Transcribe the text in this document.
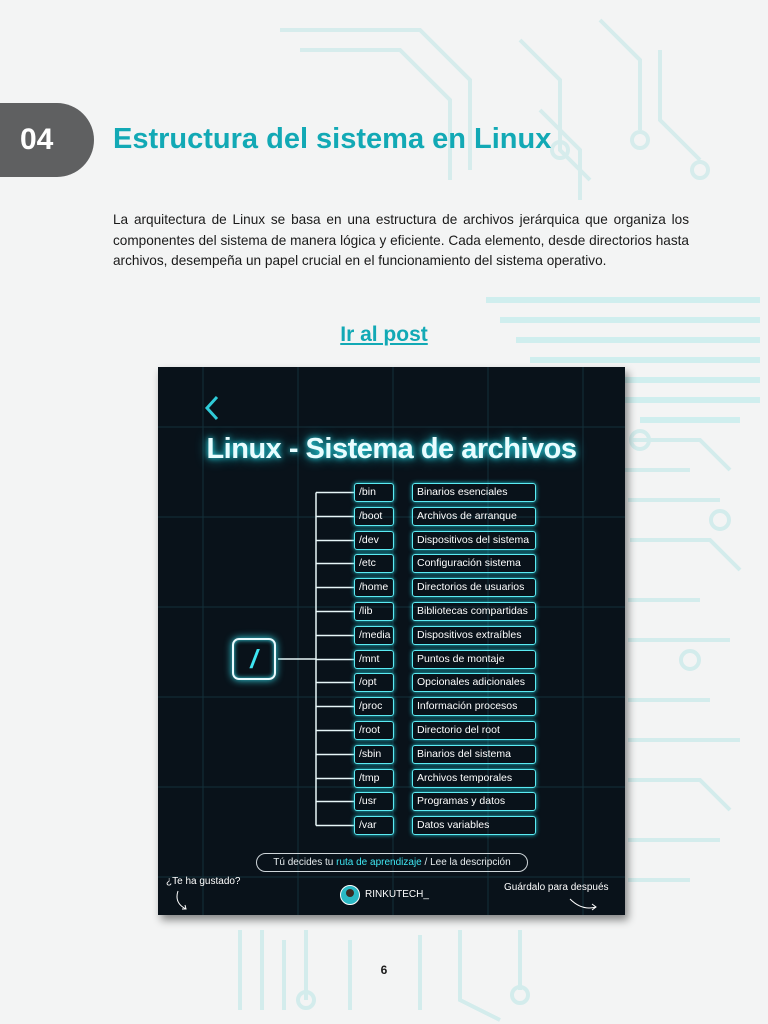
04 Estructura del sistema en Linux

La arquitectura de Linux se basa en una estructura de archivos jerárquica que organiza los componentes del sistema de manera lógica y eficiente. Cada elemento, desde directorios hasta archivos, desempeña un papel crucial en el funcionamiento del sistema operativo.

Ir al post
Linux - Sistema de archivos
/
/bin	Binarios esenciales
/boot	Archivos de arranque
/dev	Dispositivos del sistema
/etc	Configuración sistema
/home	Directorios de usuarios
/lib	Bibliotecas compartidas
/media	Dispositivos extraíbles
/mnt	Puntos de montaje
/opt	Opcionales adicionales
/proc	Información procesos
/root	Directorio del root
/sbin	Binarios del sistema
/tmp	Archivos temporales
/usr	Programas y datos
/var	Datos variables
Tú decides tu ruta de aprendizaje / Lee la descripción
¿Te ha gustado?
RINKUTECH_
Guárdalo para después
6
